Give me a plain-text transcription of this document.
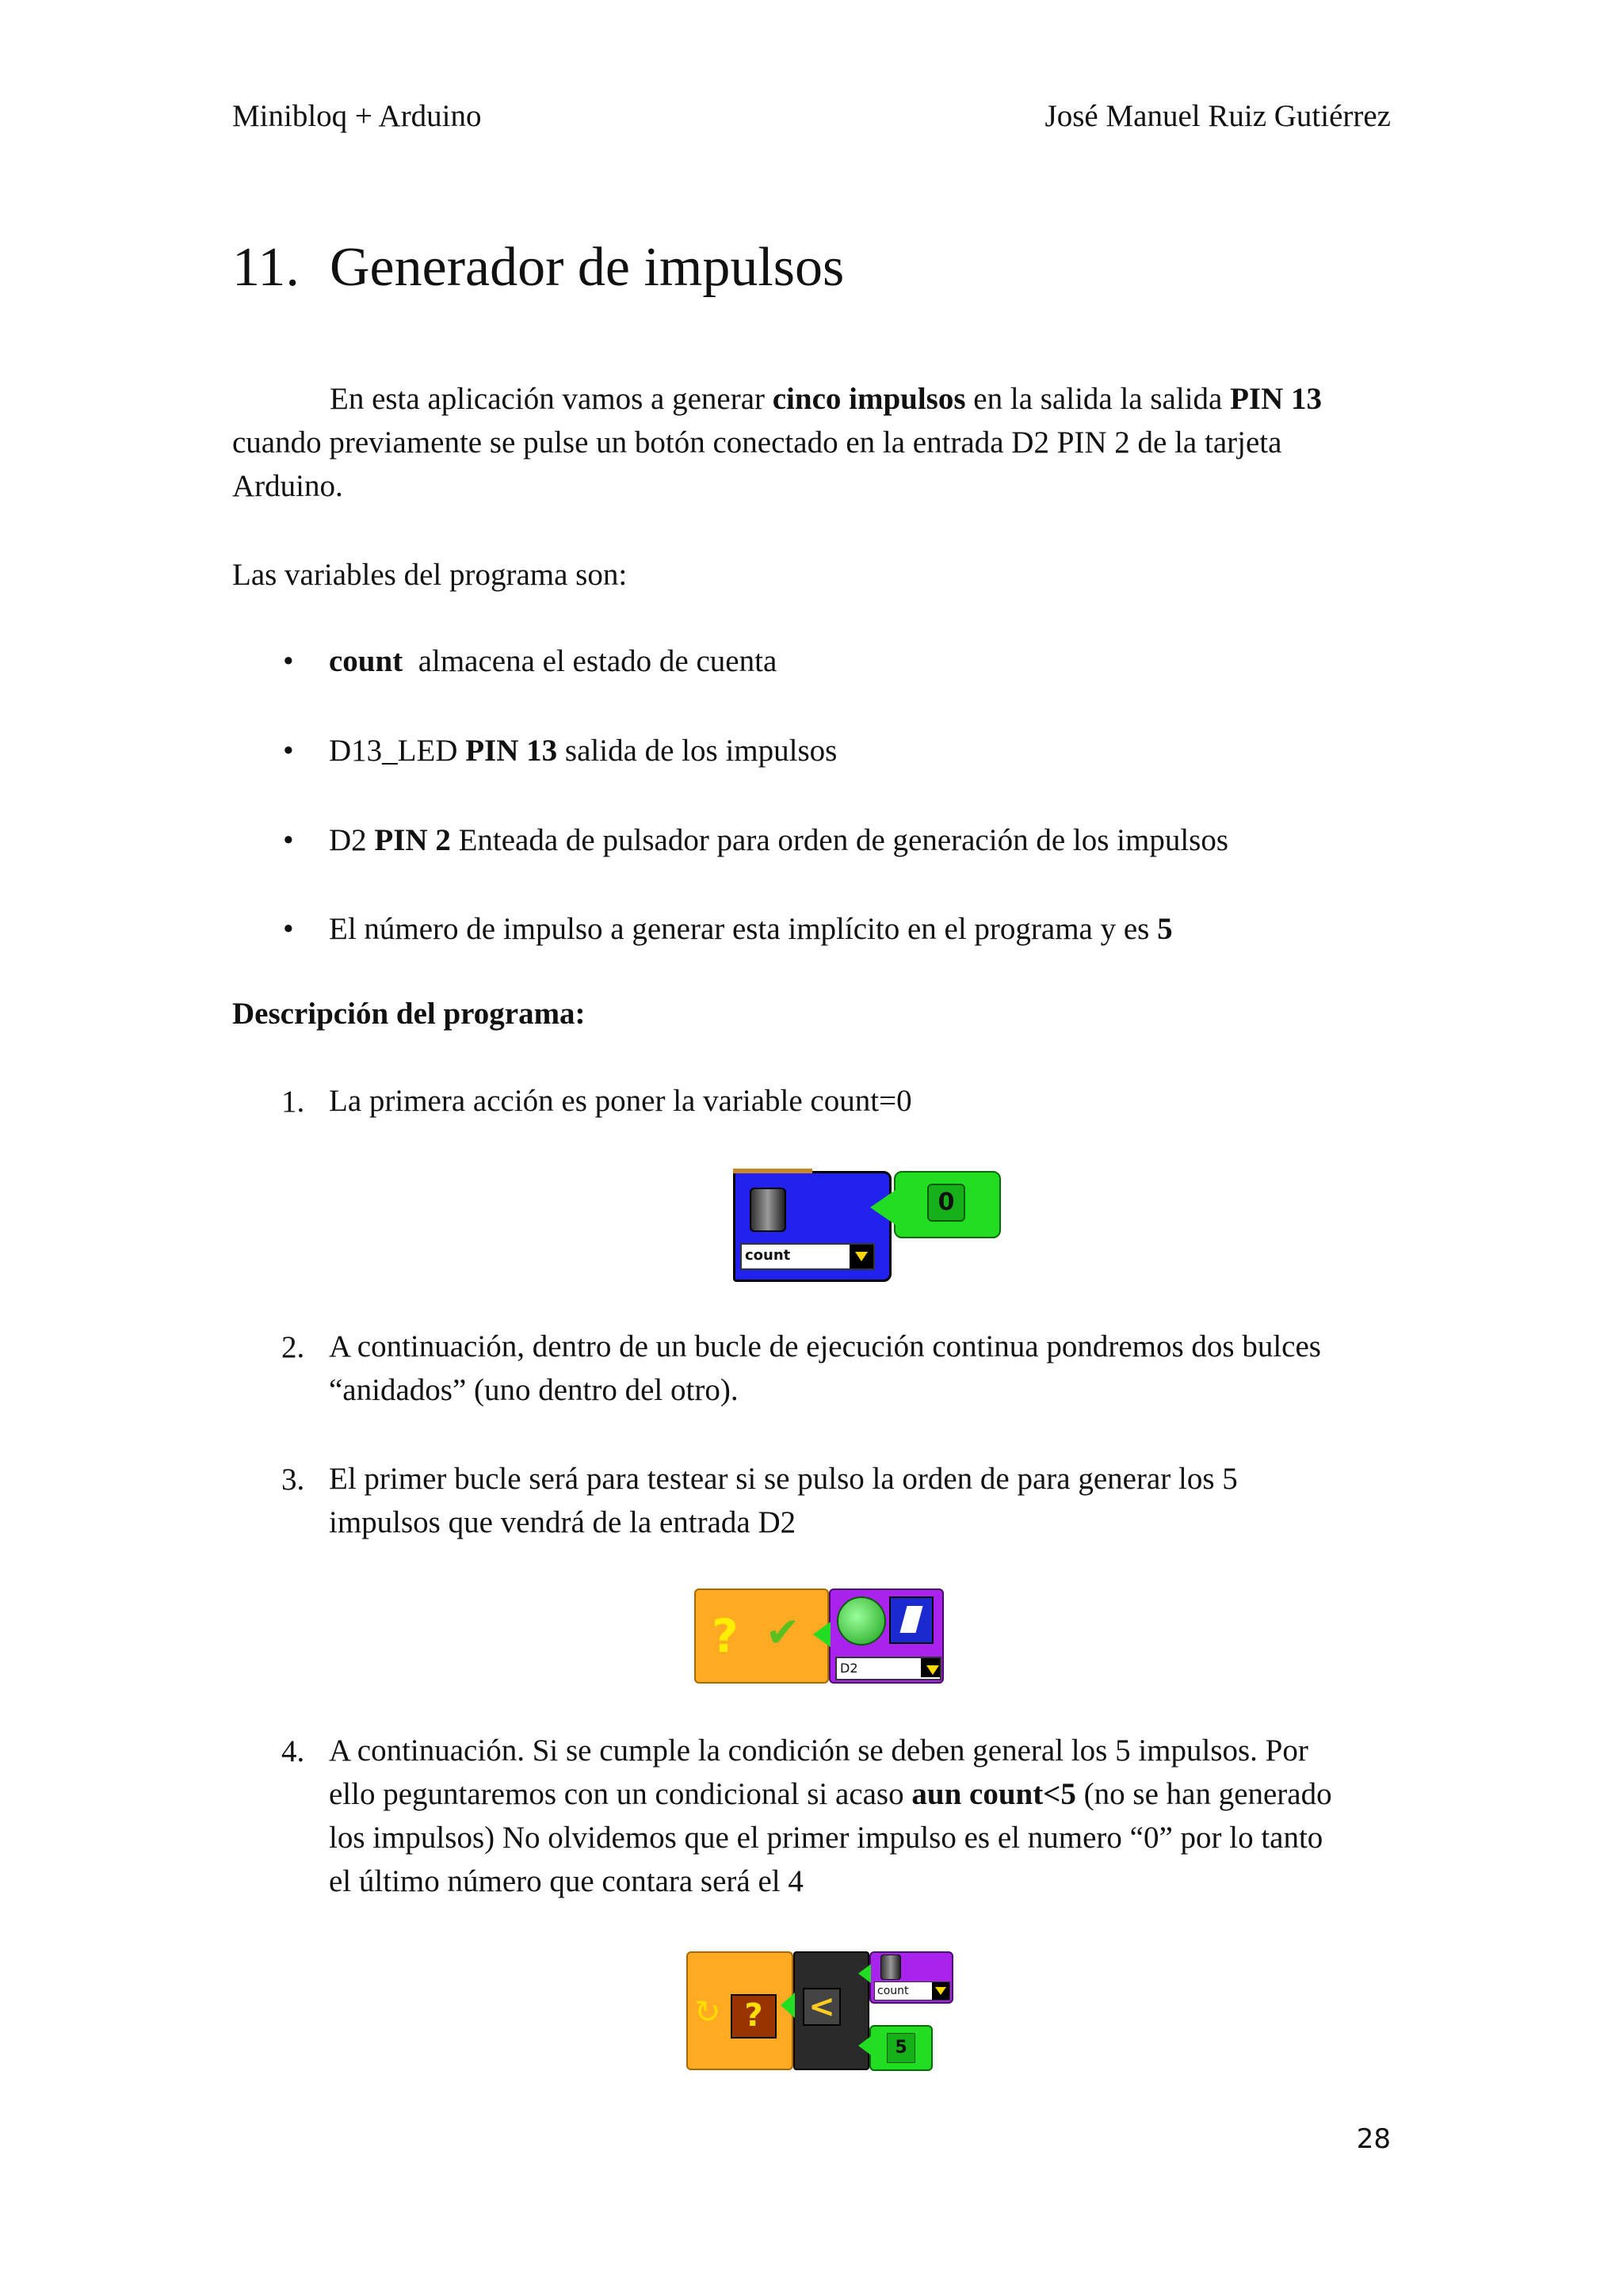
Minibloq + Arduino	José Manuel Ruiz Gutiérrez
11. Generador de impulsos
En esta aplicación vamos a generar cinco impulsos en la salida la salida PIN 13
cuando previamente se pulse un botón conectado en la entrada D2 PIN 2 de la tarjeta
Arduino.
Las variables del programa son:
• count  almacena el estado de cuenta
• D13_LED PIN 13 salida de los impulsos
• D2 PIN 2 Enteada de pulsador para orden de generación de los impulsos
• El número de impulso a generar esta implícito en el programa y es 5
Descripción del programa:
1. La primera acción es poner la variable count=0
count
0
2. A continuación, dentro de un bucle de ejecución continua pondremos dos bulces
“anidados” (uno dentro del otro).
3. El primer bucle será para testear si se pulso la orden de para generar los 5
impulsos que vendrá de la entrada D2
? ✔
D2
4. A continuación. Si se cumple la condición se deben general los 5 impulsos. Por
ello peguntaremos con un condicional si acaso aun count<5 (no se han generado
los impulsos) No olvidemos que el primer impulso es el numero “0” por lo tanto
el último número que contara será el 4
↻ ?	<	count
5
28
